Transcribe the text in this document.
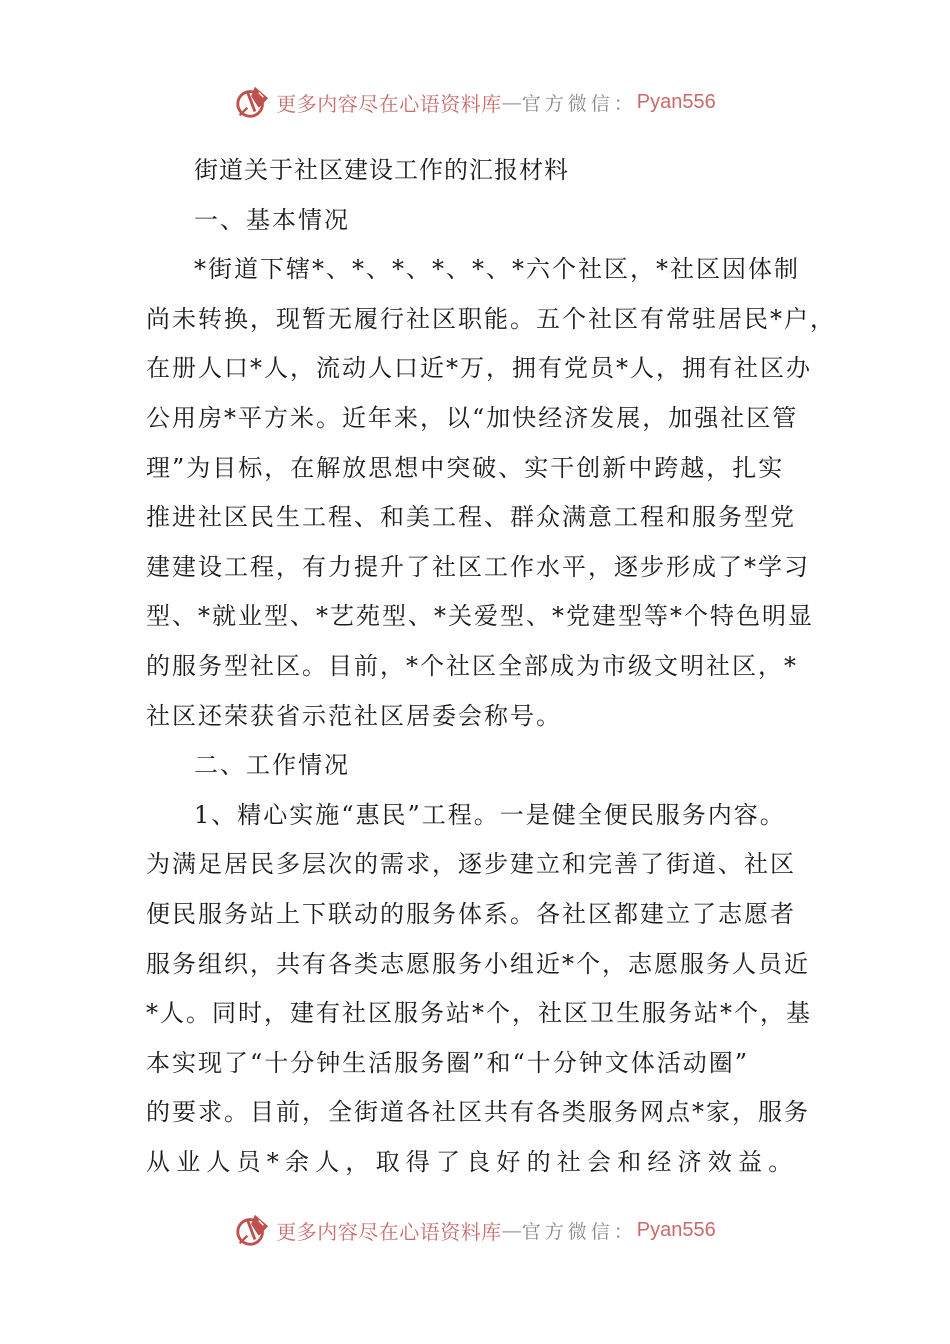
更多内容尽在心语资料库 — 官方微信： Pyan556
街道关于社区建设工作的汇报材料
一、基本情况
*街道下辖*、*、*、*、*、*六个社区，*社区因体制
尚未转换，现暂无履行社区职能。五个社区有常驻居民*户，
在册人口*人，流动人口近*万，拥有党员*人，拥有社区办
公用房*平方米。近年来，以“加快经济发展，加强社区管
理”为目标，在解放思想中突破、实干创新中跨越，扎实
推进社区民生工程、和美工程、群众满意工程和服务型党
建建设工程，有力提升了社区工作水平，逐步形成了*学习
型、*就业型、*艺苑型、*关爱型、*党建型等*个特色明显
的服务型社区。目前，*个社区全部成为市级文明社区，*
社区还荣获省示范社区居委会称号。
二、工作情况
1、精心实施“惠民”工程。一是健全便民服务内容。
为满足居民多层次的需求，逐步建立和完善了街道、社区
便民服务站上下联动的服务体系。各社区都建立了志愿者
服务组织，共有各类志愿服务小组近*个，志愿服务人员近
*人。同时，建有社区服务站*个，社区卫生服务站*个，基
本实现了“十分钟生活服务圈”和“十分钟文体活动圈”
的要求。目前，全街道各社区共有各类服务网点*家，服务
从业人员*余人，取得了良好的社会和经济效益。
更多内容尽在心语资料库 — 官方微信： Pyan556
